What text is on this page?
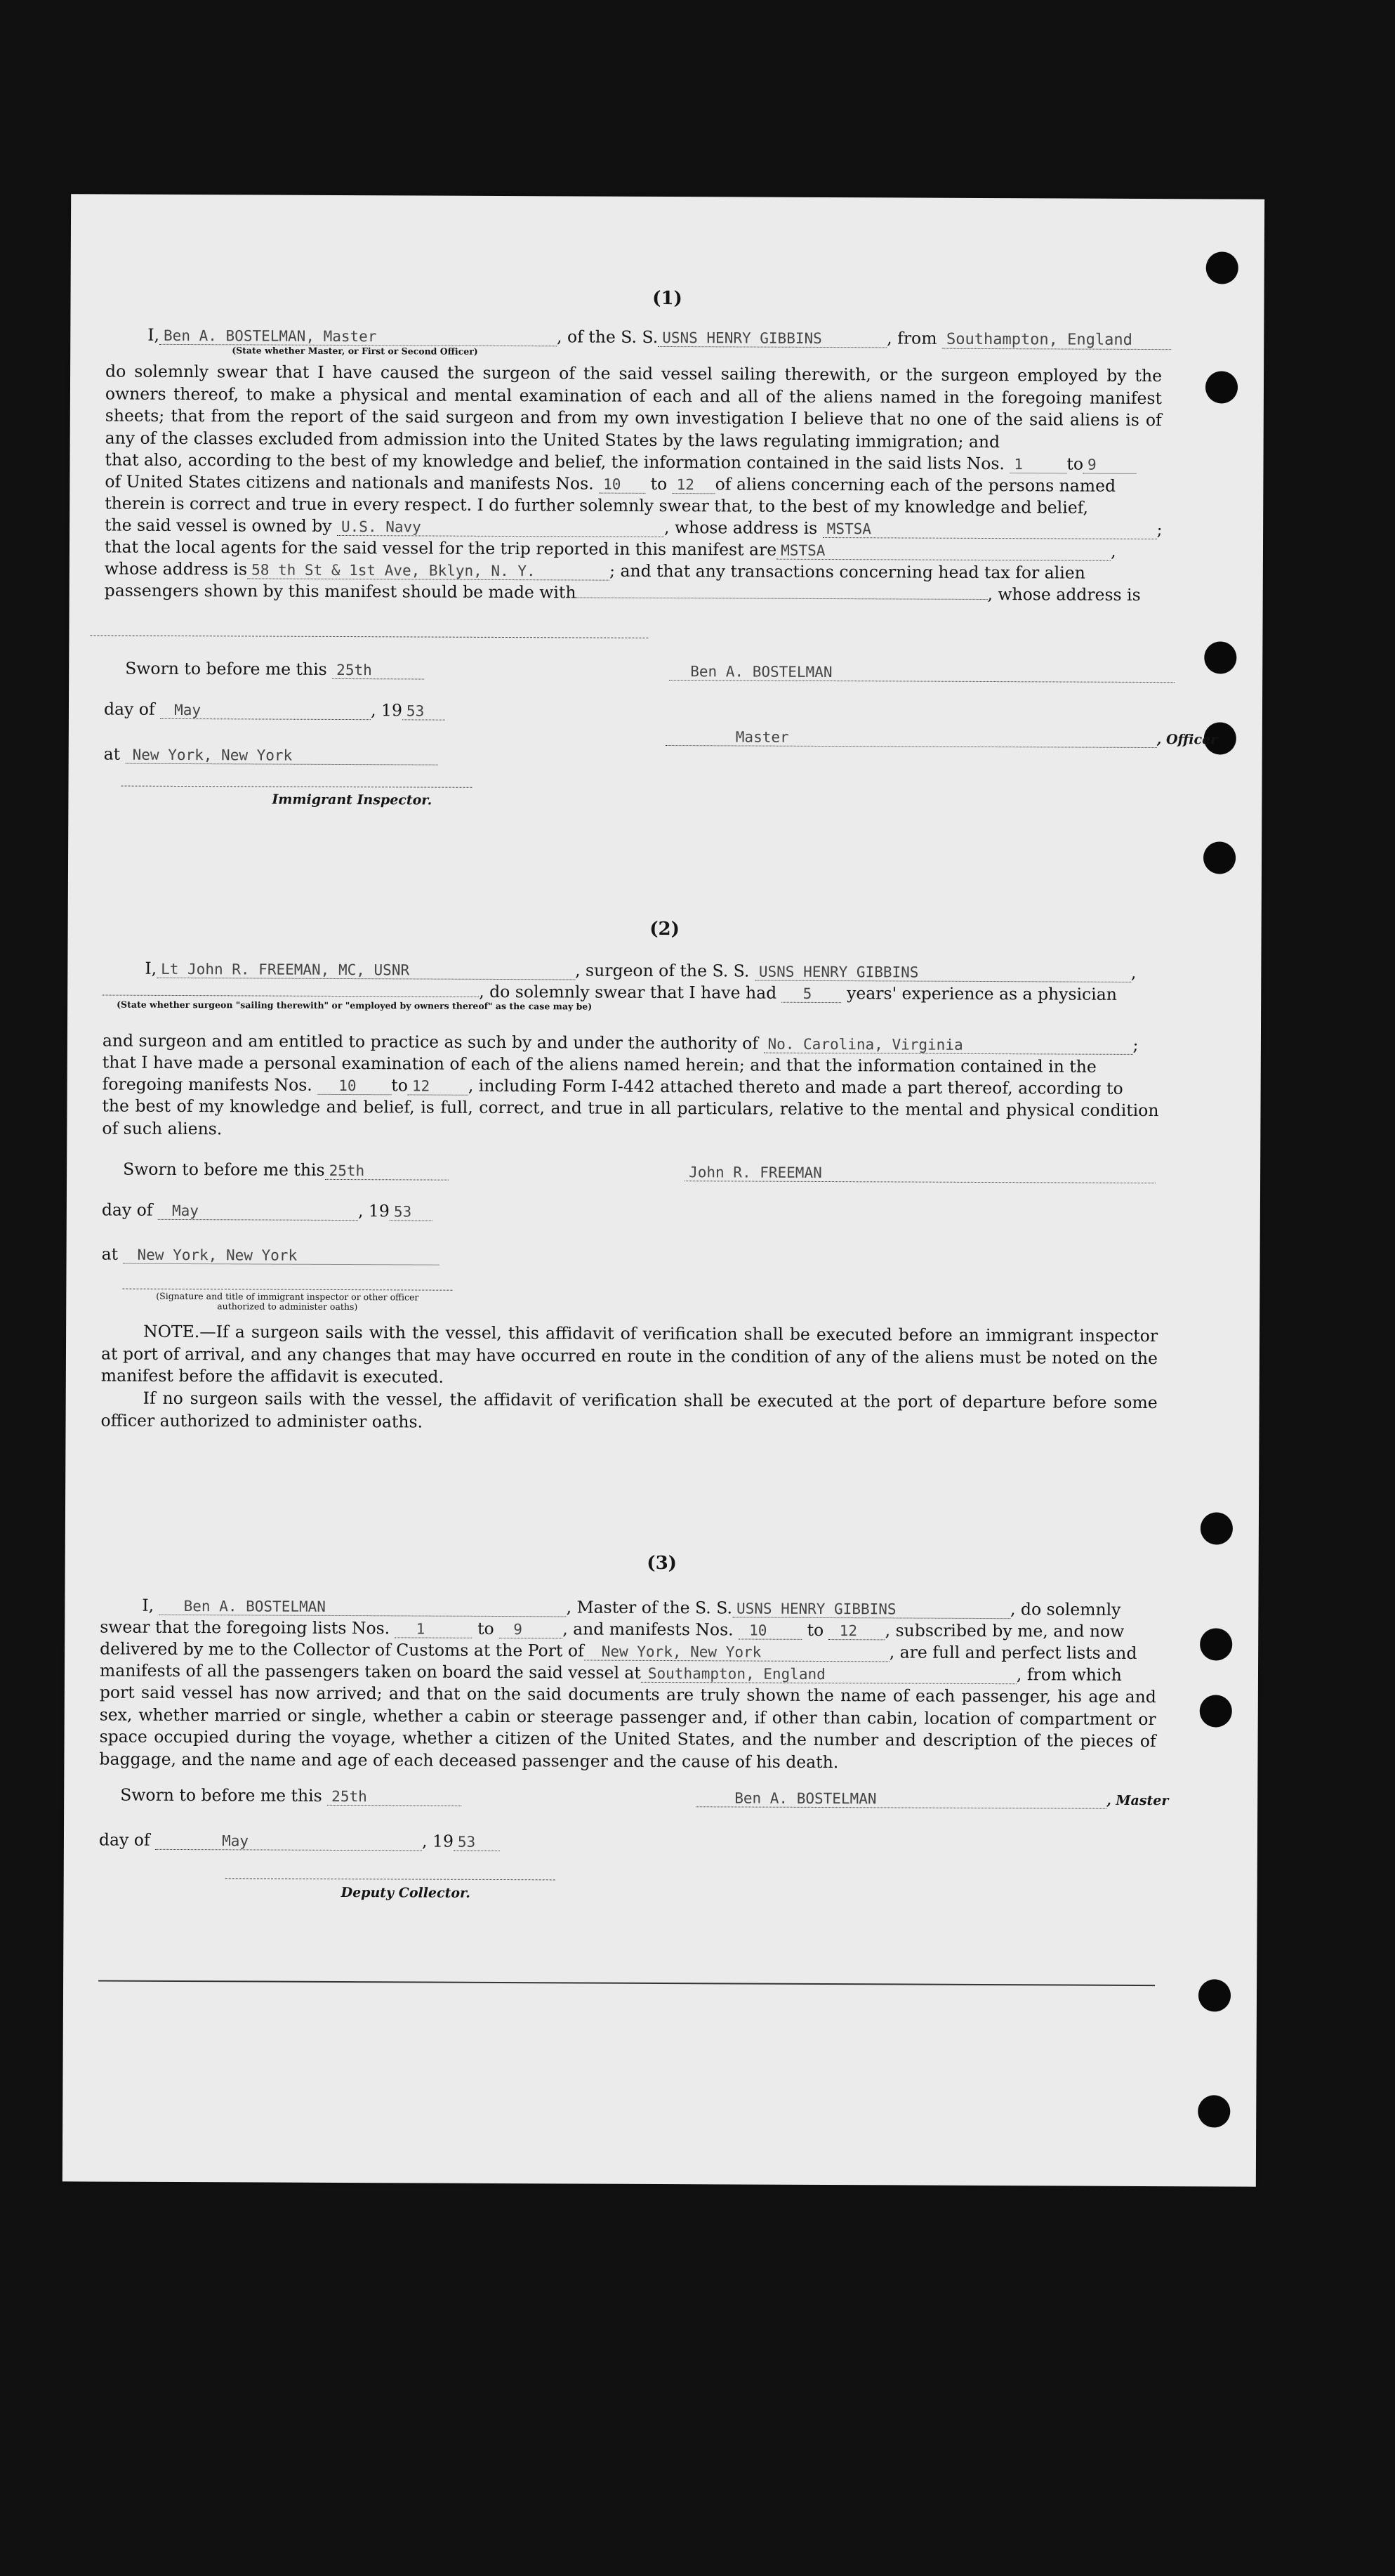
(1)
I, Ben A. BOSTELMAN, Master	, of the S. S. USNS HENRY GIBBINS	, from Southampton, England
(State whether Master, or First or Second Officer)
do solemnly swear that I have caused the surgeon of the said vessel sailing therewith, or the surgeon employed by the owners thereof, to make a physical and mental examination of each and all of the aliens named in the foregoing manifest sheets; that from the report of the said surgeon and from my own investigation I believe that no one of the said aliens is of any of the classes excluded from admission into the United States by the laws regulating immigration; and
that also, according to the best of my knowledge and belief, the information contained in the said lists Nos. 1	to 9
of United States citizens and nationals and manifests Nos. 10 to 12 of aliens concerning each of the persons named
therein is correct and true in every respect. I do further solemnly swear that, to the best of my knowledge and belief,
the said vessel is owned by U.S. Navy	, whose address is MSTSA	;
that the local agents for the said vessel for the trip reported in this manifest are MSTSA	,
whose address is 58 th St & 1st Ave, Bklyn, N. Y.	; and that any transactions concerning head tax for alien
passengers shown by this manifest should be made with	, whose address is
Sworn to before me this 25th	Ben A. BOSTELMAN
day of May	, 19 53
Master	, Officer
at New York, New York
Immigrant Inspector.
(2)
I, Lt John R. FREEMAN, MC, USNR	, surgeon of the S. S. USNS HENRY GIBBINS	,
, do solemnly swear that I have had 5 years' experience as a physician
(State whether surgeon "sailing therewith" or "employed by owners thereof" as the case may be)
and surgeon and am entitled to practice as such by and under the authority of No. Carolina, Virginia	;
that I have made a personal examination of each of the aliens named herein; and that the information contained in the
foregoing manifests Nos. 10 to 12 , including Form I-442 attached thereto and made a part thereof, according to
the best of my knowledge and belief, is full, correct, and true in all particulars, relative to the mental and physical condition of such aliens.
Sworn to before me this 25th	John R. FREEMAN
day of May	, 19 53
at New York, New York
(Signature and title of immigrant inspector or other officer authorized to administer oaths)
NOTE.—If a surgeon sails with the vessel, this affidavit of verification shall be executed before an immigrant inspector at port of arrival, and any changes that may have occurred en route in the condition of any of the aliens must be noted on the manifest before the affidavit is executed.
If no surgeon sails with the vessel, the affidavit of verification shall be executed at the port of departure before some officer authorized to administer oaths.
(3)
I, Ben A. BOSTELMAN	, Master of the S. S. USNS HENRY GIBBINS	, do solemnly
swear that the foregoing lists Nos. 1	to 9 , and manifests Nos. 10 to 12 , subscribed by me, and now
delivered by me to the Collector of Customs at the Port of New York, New York	, are full and perfect lists and
manifests of all the passengers taken on board the said vessel at Southampton, England	, from which
port said vessel has now arrived; and that on the said documents are truly shown the name of each passenger, his age and sex, whether married or single, whether a cabin or steerage passenger and, if other than cabin, location of compartment or space occupied during the voyage, whether a citizen of the United States, and the number and description of the pieces of baggage, and the name and age of each deceased passenger and the cause of his death.
Sworn to before me this 25th	Ben A. BOSTELMAN	, Master
day of	May	, 19 53
Deputy Collector.
